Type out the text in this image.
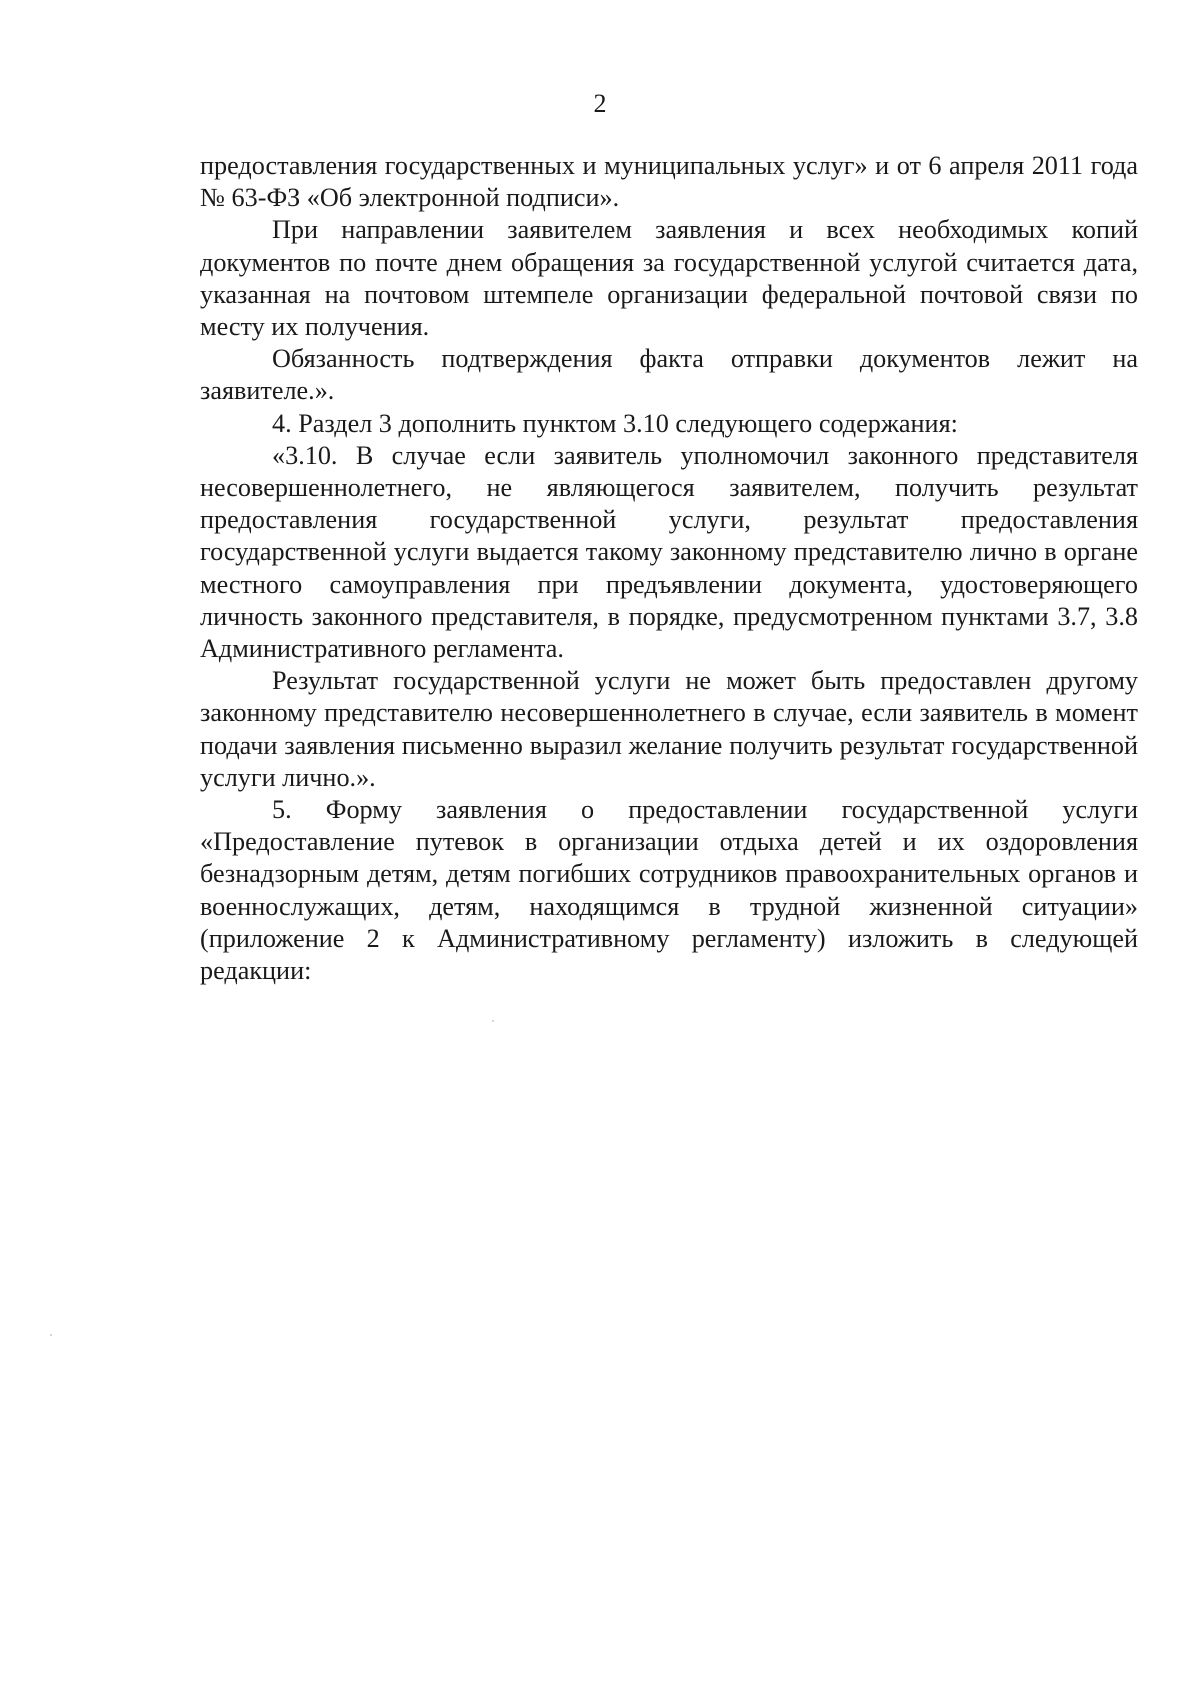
2

предоставления государственных и муниципальных услуг» и от 6 апреля 2011 года № 63-ФЗ «Об электронной подписи».

При направлении заявителем заявления и всех необходимых копий документов по почте днем обращения за государственной услугой считается дата, указанная на почтовом штемпеле организации федеральной почтовой связи по месту их получения.

Обязанность подтверждения факта отправки документов лежит на заявителе.».

4. Раздел 3 дополнить пунктом 3.10 следующего содержания:

«3.10. В случае если заявитель уполномочил законного представителя несовершеннолетнего, не являющегося заявителем, получить результат предоставления государственной услуги, результат предоставления государственной услуги выдается такому законному представителю лично в органе местного самоуправления при предъявлении документа, удостоверяющего личность законного представителя, в порядке, предусмотренном пунктами 3.7, 3.8 Административного регламента.

Результат государственной услуги не может быть предоставлен другому законному представителю несовершеннолетнего в случае, если заявитель в момент подачи заявления письменно выразил желание получить результат государственной услуги лично.».

5. Форму заявления о предоставлении государственной услуги «Предоставление путевок в организации отдыха детей и их оздоровления безнадзорным детям, детям погибших сотрудников правоохранительных органов и военнослужащих, детям, находящимся в трудной жизненной ситуации» (приложение 2 к Административному регламенту) изложить в следующей редакции:
